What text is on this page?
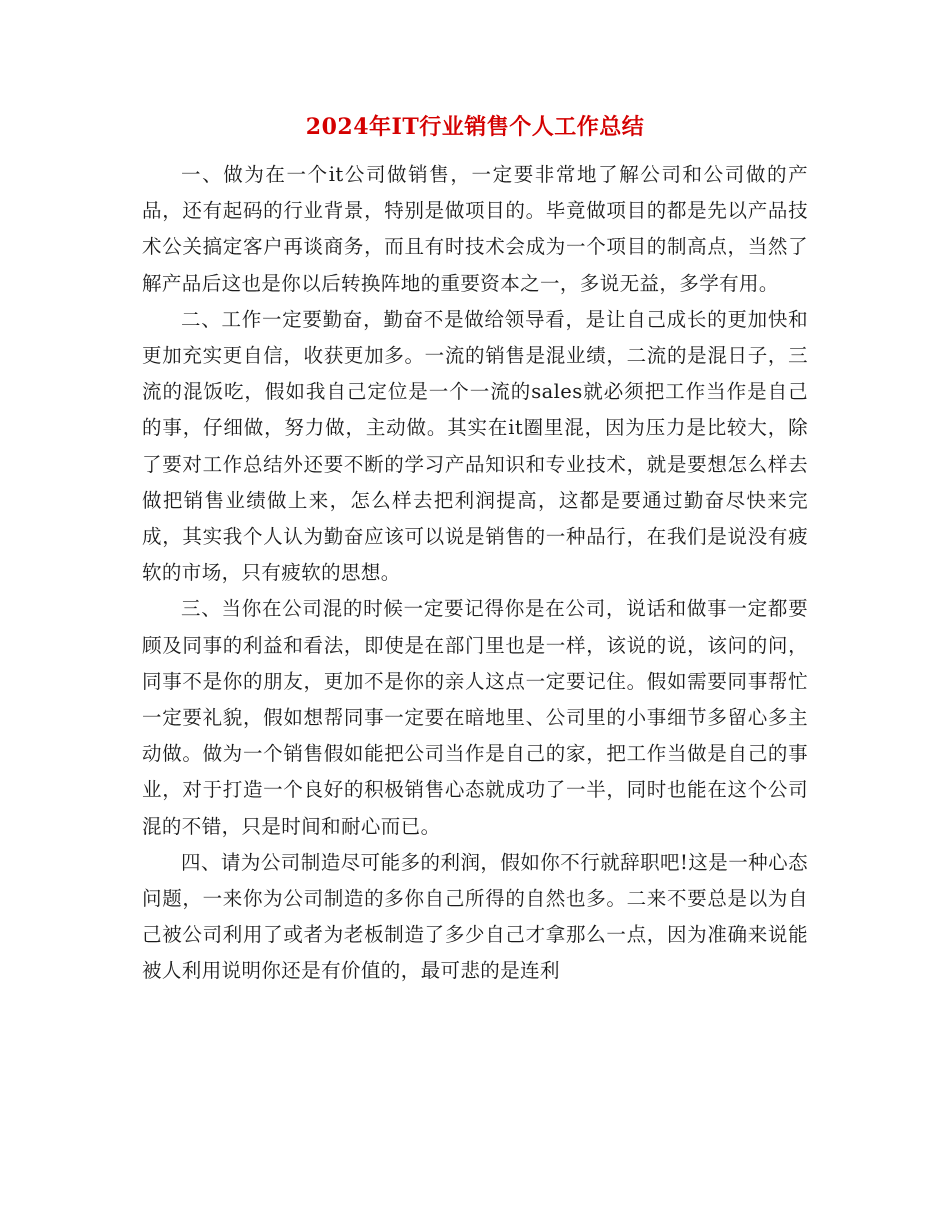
2024年IT行业销售个人工作总结

一、做为在一个it公司做销售，一定要非常地了解公司和公司做的产品，还有起码的行业背景，特别是做项目的。毕竟做项目的都是先以产品技术公关搞定客户再谈商务，而且有时技术会成为一个项目的制高点，当然了解产品后这也是你以后转换阵地的重要资本之一，多说无益，多学有用。

二、工作一定要勤奋，勤奋不是做给领导看，是让自己成长的更加快和更加充实更自信，收获更加多。一流的销售是混业绩，二流的是混日子，三流的混饭吃，假如我自己定位是一个一流的sales就必须把工作当作是自己的事，仔细做，努力做，主动做。其实在it圈里混，因为压力是比较大，除了要对工作总结外还要不断的学习产品知识和专业技术，就是要想怎么样去做把销售业绩做上来，怎么样去把利润提高，这都是要通过勤奋尽快来完成，其实我个人认为勤奋应该可以说是销售的一种品行，在我们是说没有疲软的市场，只有疲软的思想。

三、当你在公司混的时候一定要记得你是在公司，说话和做事一定都要顾及同事的利益和看法，即使是在部门里也是一样，该说的说，该问的问，同事不是你的朋友，更加不是你的亲人这点一定要记住。假如需要同事帮忙一定要礼貌，假如想帮同事一定要在暗地里、公司里的小事细节多留心多主动做。做为一个销售假如能把公司当作是自己的家，把工作当做是自己的事业，对于打造一个良好的积极销售心态就成功了一半，同时也能在这个公司混的不错，只是时间和耐心而已。

四、请为公司制造尽可能多的利润，假如你不行就辞职吧!这是一种心态问题，一来你为公司制造的多你自己所得的自然也多。二来不要总是以为自己被公司利用了或者为老板制造了多少自己才拿那么一点，因为准确来说能被人利用说明你还是有价值的，最可悲的是连利
